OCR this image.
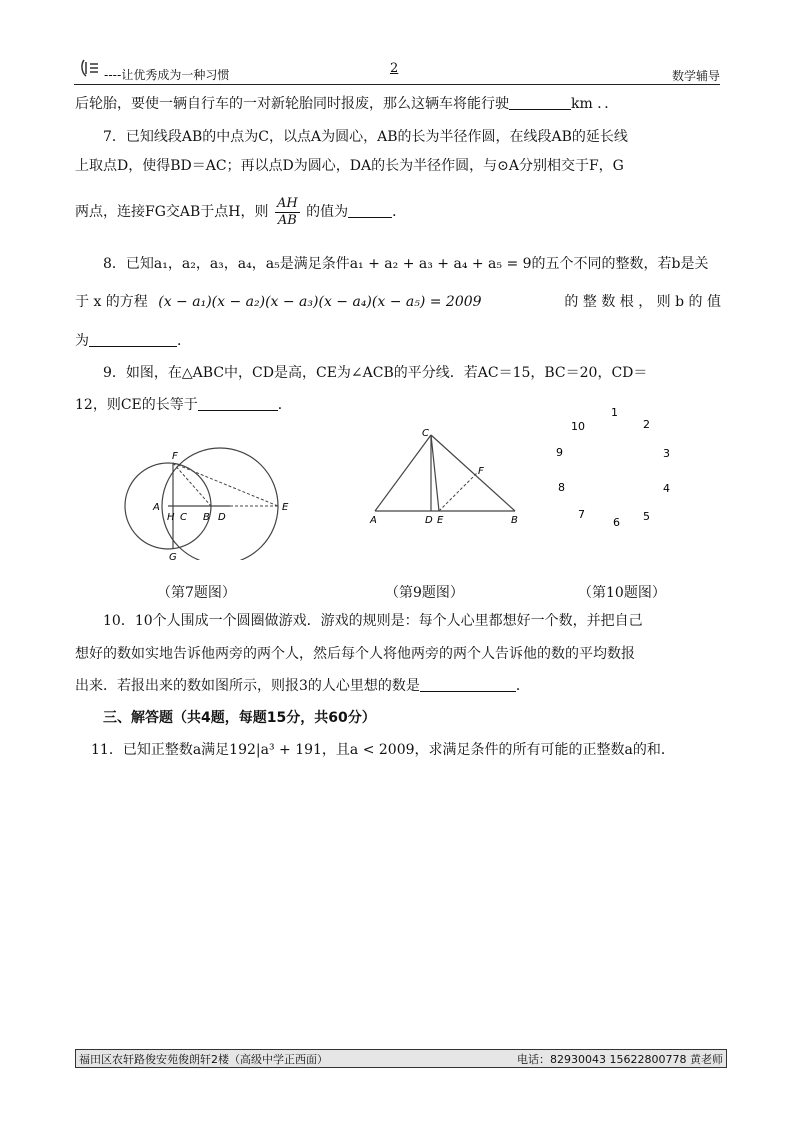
----让优秀成为一种习惯	2	数学辅导
后轮胎，要使一辆自行车的一对新轮胎同时报废，那么这辆车将能行驶	km ．．
7．已知线段AB的中点为C，以点A为圆心，AB的长为半径作圆，在线段AB的延长线
上取点D，使得BD＝AC；再以点D为圆心，DA的长为半径作圆，与⊙A分别相交于F，G
两点，连接FG交AB于点H，则 $\frac{AH}{AB}$ 的值为	．
8．已知a₁，a₂，a₃，a₄，a₅是满足条件a₁ + a₂ + a₃ + a₄ + a₅ = 9的五个不同的整数，若b是关
于 x 的方程 (x − a₁)(x − a₂)(x − a₃)(x − a₄)(x − a₅) = 2009	的 整 数 根 ， 则 b 的 值
为	．
9．如图，在△ABC中，CD是高，CE为∠ACB的平分线．若AC＝15，BC＝20，CD＝
12，则CE的长等于	．
F
A
H C B D
E
G
C
F
A	D E	B
1
2
3
4
5
6
7
8
9
10
（第7题图）	（第9题图）	（第10题图）
10．10个人围成一个圆圈做游戏．游戏的规则是：每个人心里都想好一个数，并把自己
想好的数如实地告诉他两旁的两个人，然后每个人将他两旁的两个人告诉他的数的平均数报
出来．若报出来的数如图所示，则报3的人心里想的数是	．
三、解答题（共4题，每题15分，共60分）
11．已知正整数a满足192|a³ + 191，且a < 2009，求满足条件的所有可能的正整数a的和．
福田区农轩路俊安苑俊朗轩2楼（高级中学正西面）	电话：82930043 15622800778 黄老师
